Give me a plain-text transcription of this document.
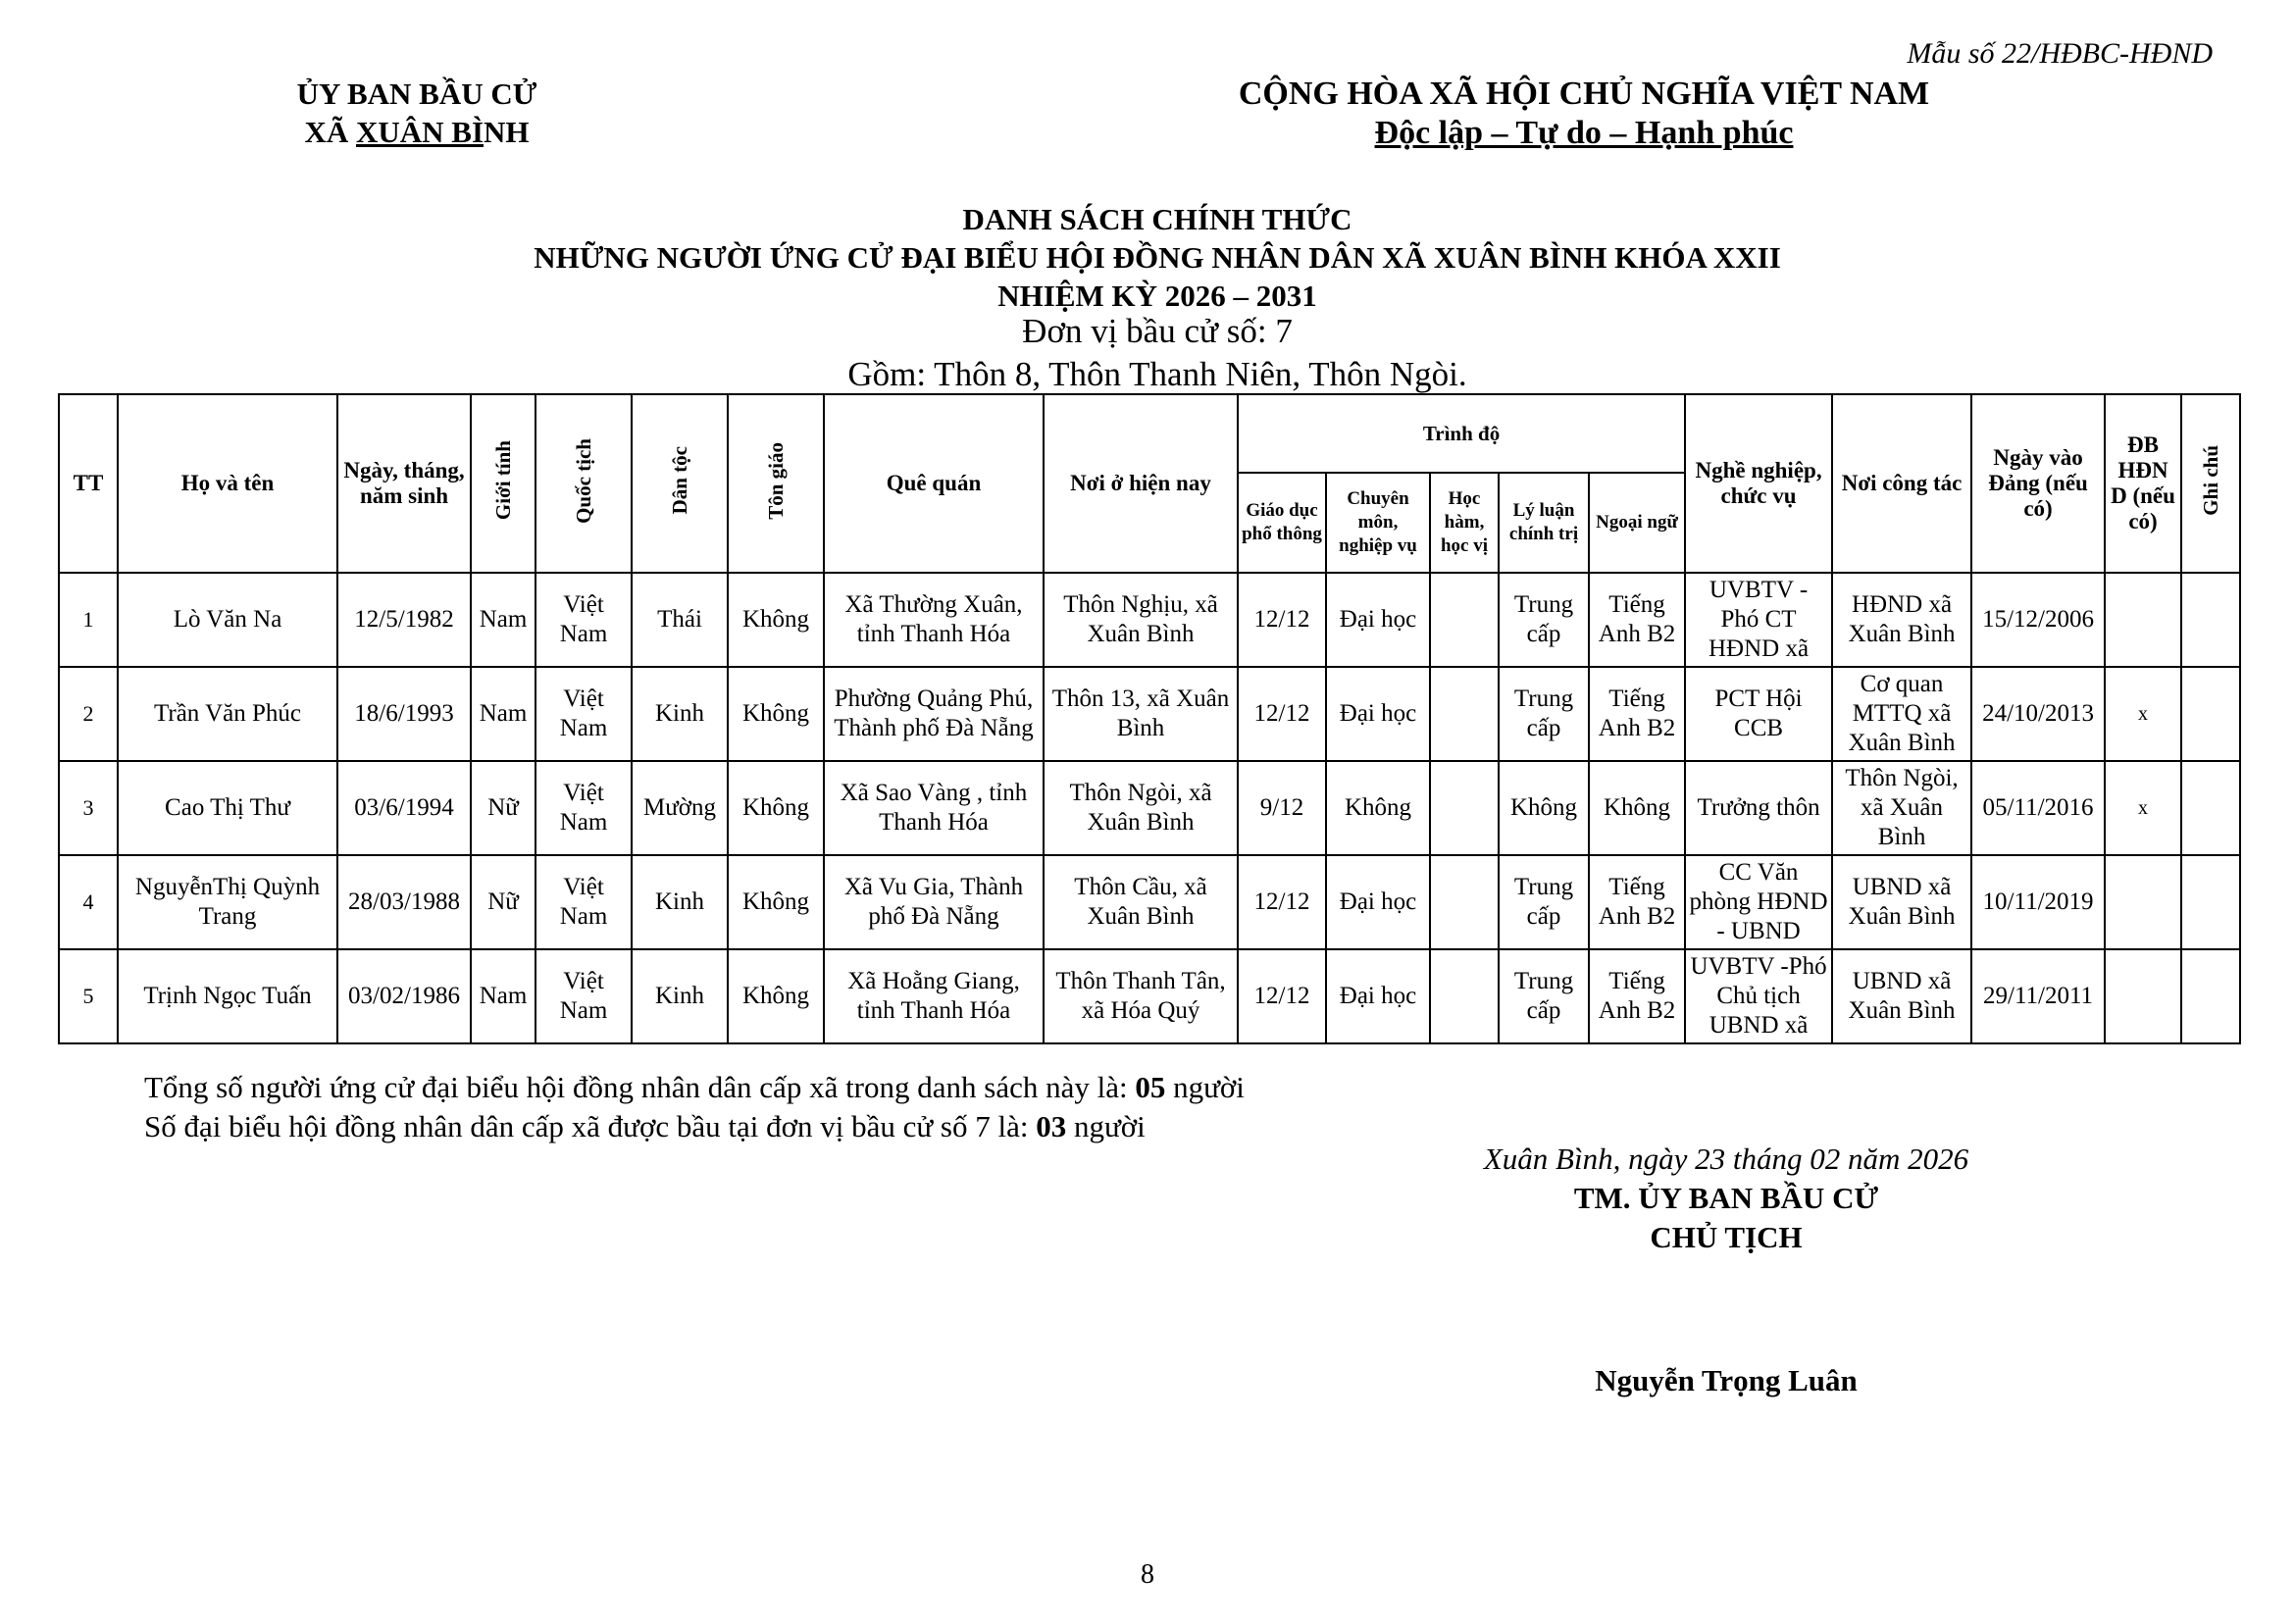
Mẫu số 22/HĐBC-HĐND
ỦY BAN BẦU CỬ
XÃ XUÂN BÌNH
CỘNG HÒA XÃ HỘI CHỦ NGHĨA VIỆT NAM
Độc lập – Tự do – Hạnh phúc
DANH SÁCH CHÍNH THỨC
NHỮNG NGƯỜI ỨNG CỬ ĐẠI BIỂU HỘI ĐỒNG NHÂN DÂN XÃ XUÂN BÌNH KHÓA XXII
NHIỆM KỲ 2026 – 2031
Đơn vị bầu cử số: 7
Gồm: Thôn 8, Thôn Thanh Niên, Thôn Ngòi.
TT	Họ và tên	Ngày, tháng, năm sinh	Giới tính	Quốc tịch	Dân tộc	Tôn giáo	Quê quán	Nơi ở hiện nay	Trình độ					Nghề nghiệp, chức vụ	Nơi công tác	Ngày vào Đảng (nếu có)	ĐB HĐN D (nếu có)	Ghi chú
									Giáo dục phổ thông	Chuyên môn, nghiệp vụ	Học hàm, học vị	Lý luận chính trị	Ngoại ngữ					
1	Lò Văn Na	12/5/1982	Nam	Việt Nam	Thái	Không	Xã Thường Xuân, tỉnh Thanh Hóa	Thôn Nghịu, xã Xuân Bình	12/12	Đại học		Trung cấp	Tiếng Anh B2	UVBTV - Phó CT HĐND xã	HĐND xã Xuân Bình	15/12/2006		
2	Trần Văn Phúc	18/6/1993	Nam	Việt Nam	Kinh	Không	Phường Quảng Phú, Thành phố Đà Nẵng	Thôn 13, xã Xuân Bình	12/12	Đại học		Trung cấp	Tiếng Anh B2	PCT Hội CCB	Cơ quan MTTQ xã Xuân Bình	24/10/2013	x	
3	Cao Thị Thư	03/6/1994	Nữ	Việt Nam	Mường	Không	Xã Sao Vàng , tỉnh Thanh Hóa	Thôn Ngòi, xã Xuân Bình	9/12	Không		Không	Không	Trưởng thôn	Thôn Ngòi, xã Xuân Bình	05/11/2016	x	
4	NguyễnThị Quỳnh Trang	28/03/1988	Nữ	Việt Nam	Kinh	Không	Xã Vu Gia, Thành phố Đà Nẵng	Thôn Cầu, xã Xuân Bình	12/12	Đại học		Trung cấp	Tiếng Anh B2	CC Văn phòng HĐND - UBND	UBND xã Xuân Bình	10/11/2019		
5	Trịnh Ngọc Tuấn	03/02/1986	Nam	Việt Nam	Kinh	Không	Xã Hoằng Giang, tỉnh Thanh Hóa	Thôn Thanh Tân, xã Hóa Quý	12/12	Đại học		Trung cấp	Tiếng Anh B2	UVBTV -Phó Chủ tịch UBND xã	UBND xã Xuân Bình	29/11/2011		
Tổng số người ứng cử đại biểu hội đồng nhân dân cấp xã trong danh sách này là: 05 người
Số đại biểu hội đồng nhân dân cấp xã được bầu tại đơn vị bầu cử số 7 là: 03 người
Xuân Bình, ngày 23 tháng 02 năm 2026
TM. ỦY BAN BẦU CỬ
CHỦ TỊCH
Nguyễn Trọng Luân
8
